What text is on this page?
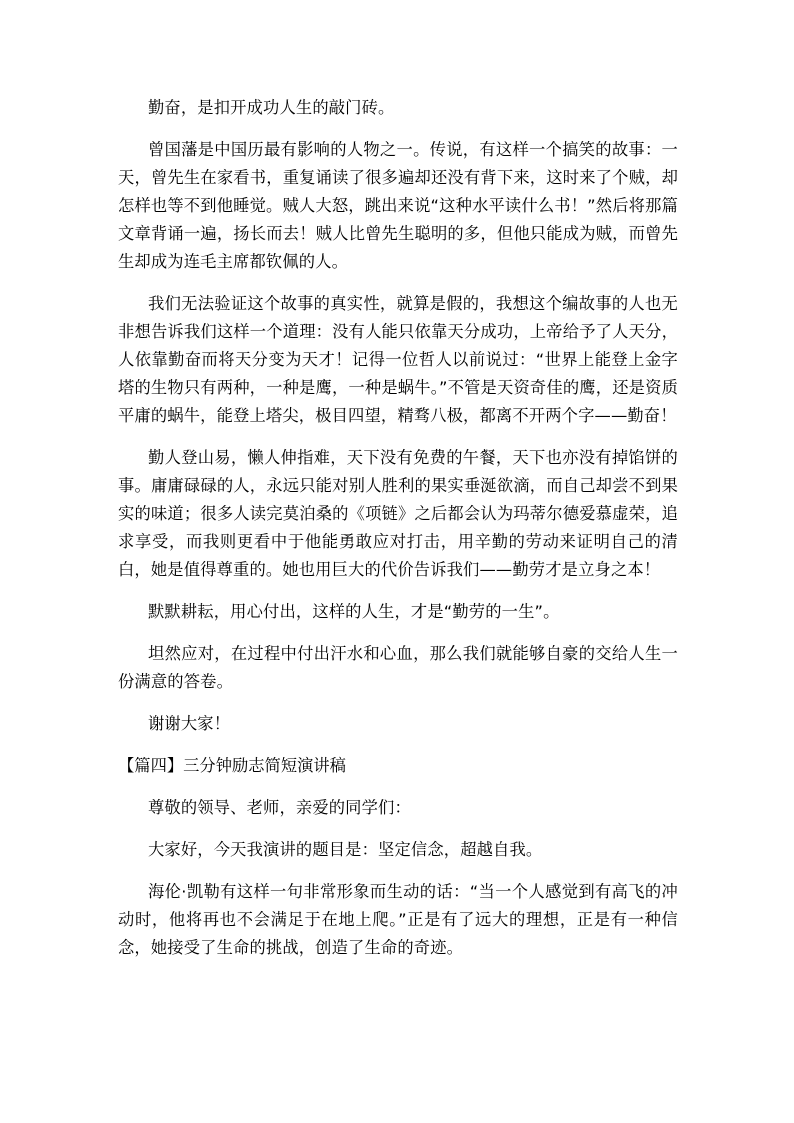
勤奋，是扣开成功人生的敲门砖。

曾国藩是中国历最有影响的人物之一。传说，有这样一个搞笑的故事：一天，曾先生在家看书，重复诵读了很多遍却还没有背下来，这时来了个贼，却怎样也等不到他睡觉。贼人大怒，跳出来说“这种水平读什么书！”然后将那篇文章背诵一遍，扬长而去！贼人比曾先生聪明的多，但他只能成为贼，而曾先生却成为连毛主席都钦佩的人。

我们无法验证这个故事的真实性，就算是假的，我想这个编故事的人也无非想告诉我们这样一个道理：没有人能只依靠天分成功，上帝给予了人天分，人依靠勤奋而将天分变为天才！记得一位哲人以前说过：“世界上能登上金字塔的生物只有两种，一种是鹰，一种是蜗牛。”不管是天资奇佳的鹰，还是资质平庸的蜗牛，能登上塔尖，极目四望，精骛八极，都离不开两个字——勤奋！

勤人登山易，懒人伸指难，天下没有免费的午餐，天下也亦没有掉馅饼的事。庸庸碌碌的人，永远只能对别人胜利的果实垂涎欲滴，而自己却尝不到果实的味道；很多人读完莫泊桑的《项链》之后都会认为玛蒂尔德爱慕虚荣，追求享受，而我则更看中于他能勇敢应对打击，用辛勤的劳动来证明自己的清白，她是值得尊重的。她也用巨大的代价告诉我们——勤劳才是立身之本！

默默耕耘，用心付出，这样的人生，才是“勤劳的一生”。

坦然应对，在过程中付出汗水和心血，那么我们就能够自豪的交给人生一份满意的答卷。

谢谢大家！

【篇四】三分钟励志简短演讲稿

尊敬的领导、老师，亲爱的同学们：

大家好，今天我演讲的题目是：坚定信念，超越自我。

海伦·凯勒有这样一句非常形象而生动的话：“当一个人感觉到有高飞的冲动时，他将再也不会满足于在地上爬。”正是有了远大的理想，正是有一种信念，她接受了生命的挑战，创造了生命的奇迹。
